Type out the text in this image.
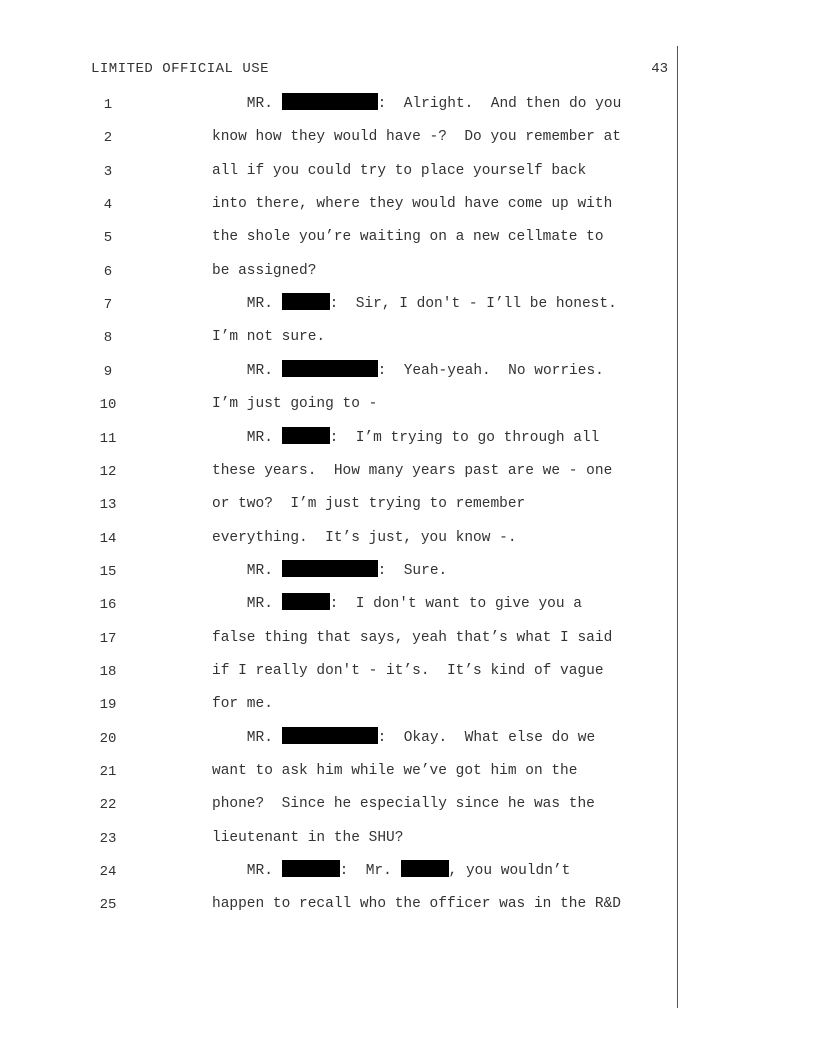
LIMITED OFFICIAL USE	43
1	MR.	:  Alright.  And then do you
2	know how they would have -?  Do you remember at
3	all if you could try to place yourself back
4	into there, where they would have come up with
5	the shole you’re waiting on a new cellmate to
6	be assigned?
7	MR.	:  Sir, I don't - I’ll be honest.
8	I’m not sure.
9	MR.	:  Yeah-yeah.  No worries.
10	I’m just going to -
11	MR.	:  I’m trying to go through all
12	these years.  How many years past are we - one
13	or two?  I’m just trying to remember
14	everything.  It’s just, you know -.
15	MR.	:  Sure.
16	MR.	:  I don't want to give you a
17	false thing that says, yeah that’s what I said
18	if I really don't - it’s.  It’s kind of vague
19	for me.
20	MR.	:  Okay.  What else do we
21	want to ask him while we’ve got him on the
22	phone?  Since he especially since he was the
23	lieutenant in the SHU?
24	MR.	:  Mr.	, you wouldn’t
25	happen to recall who the officer was in the R&D
